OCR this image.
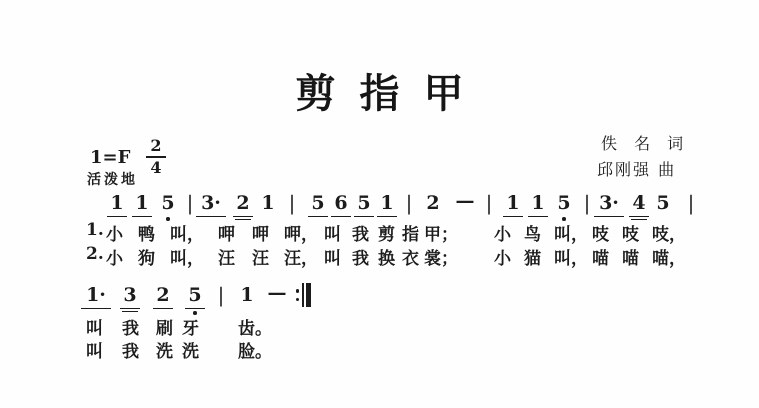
剪指甲
$1=F \frac{2}{4}$
活泼地
佚 名 词
邱刚强 曲
1 1 5 | 3· 2 1 | 5 6 5 1 | 2 — | 1 1 5 | 3· 4 5 |
1. 小 鸭 叫， 呷 呷 呷， 叫 我 剪 指 甲； 小 鸟 叫， 吱 吱 吱，
2. 小 狗 叫， 汪 汪 汪， 叫 我 换 衣 裳； 小 猫 叫， 喵 喵 喵，
1· 3 2 5 | 1 —
叫 我 刷 牙 齿。
叫 我 洗 洗 脸。
